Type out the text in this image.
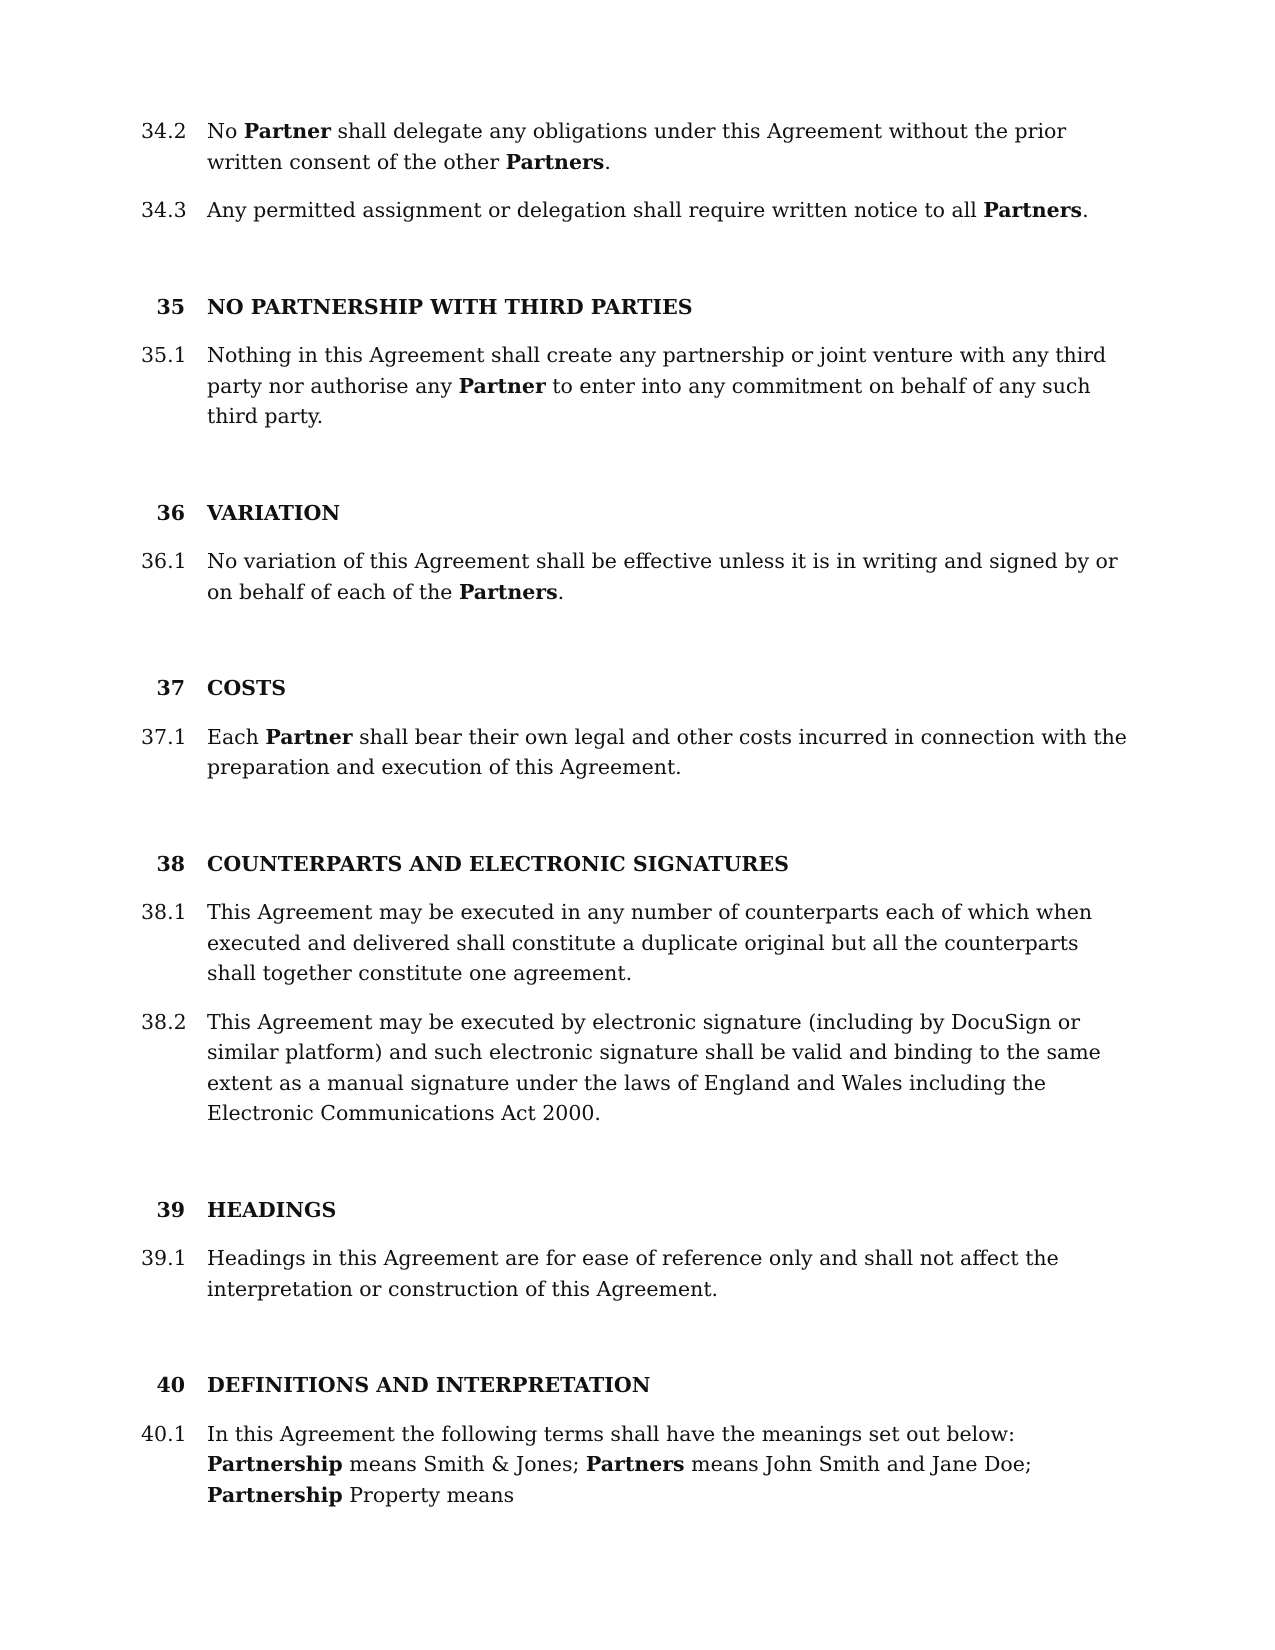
34.2 No Partner shall delegate any obligations under this Agreement without the prior written consent of the other Partners.
34.3 Any permitted assignment or delegation shall require written notice to all Partners.
35 NO PARTNERSHIP WITH THIRD PARTIES
35.1 Nothing in this Agreement shall create any partnership or joint venture with any third party nor authorise any Partner to enter into any commitment on behalf of any such third party.
36 VARIATION
36.1 No variation of this Agreement shall be effective unless it is in writing and signed by or on behalf of each of the Partners.
37 COSTS
37.1 Each Partner shall bear their own legal and other costs incurred in connection with the preparation and execution of this Agreement.
38 COUNTERPARTS AND ELECTRONIC SIGNATURES
38.1 This Agreement may be executed in any number of counterparts each of which when executed and delivered shall constitute a duplicate original but all the counterparts shall together constitute one agreement.
38.2 This Agreement may be executed by electronic signature (including by DocuSign or similar platform) and such electronic signature shall be valid and binding to the same extent as a manual signature under the laws of England and Wales including the Electronic Communications Act 2000.
39 HEADINGS
39.1 Headings in this Agreement are for ease of reference only and shall not affect the interpretation or construction of this Agreement.
40 DEFINITIONS AND INTERPRETATION
40.1 In this Agreement the following terms shall have the meanings set out below: Partnership means Smith & Jones; Partners means John Smith and Jane Doe; Partnership Property means
